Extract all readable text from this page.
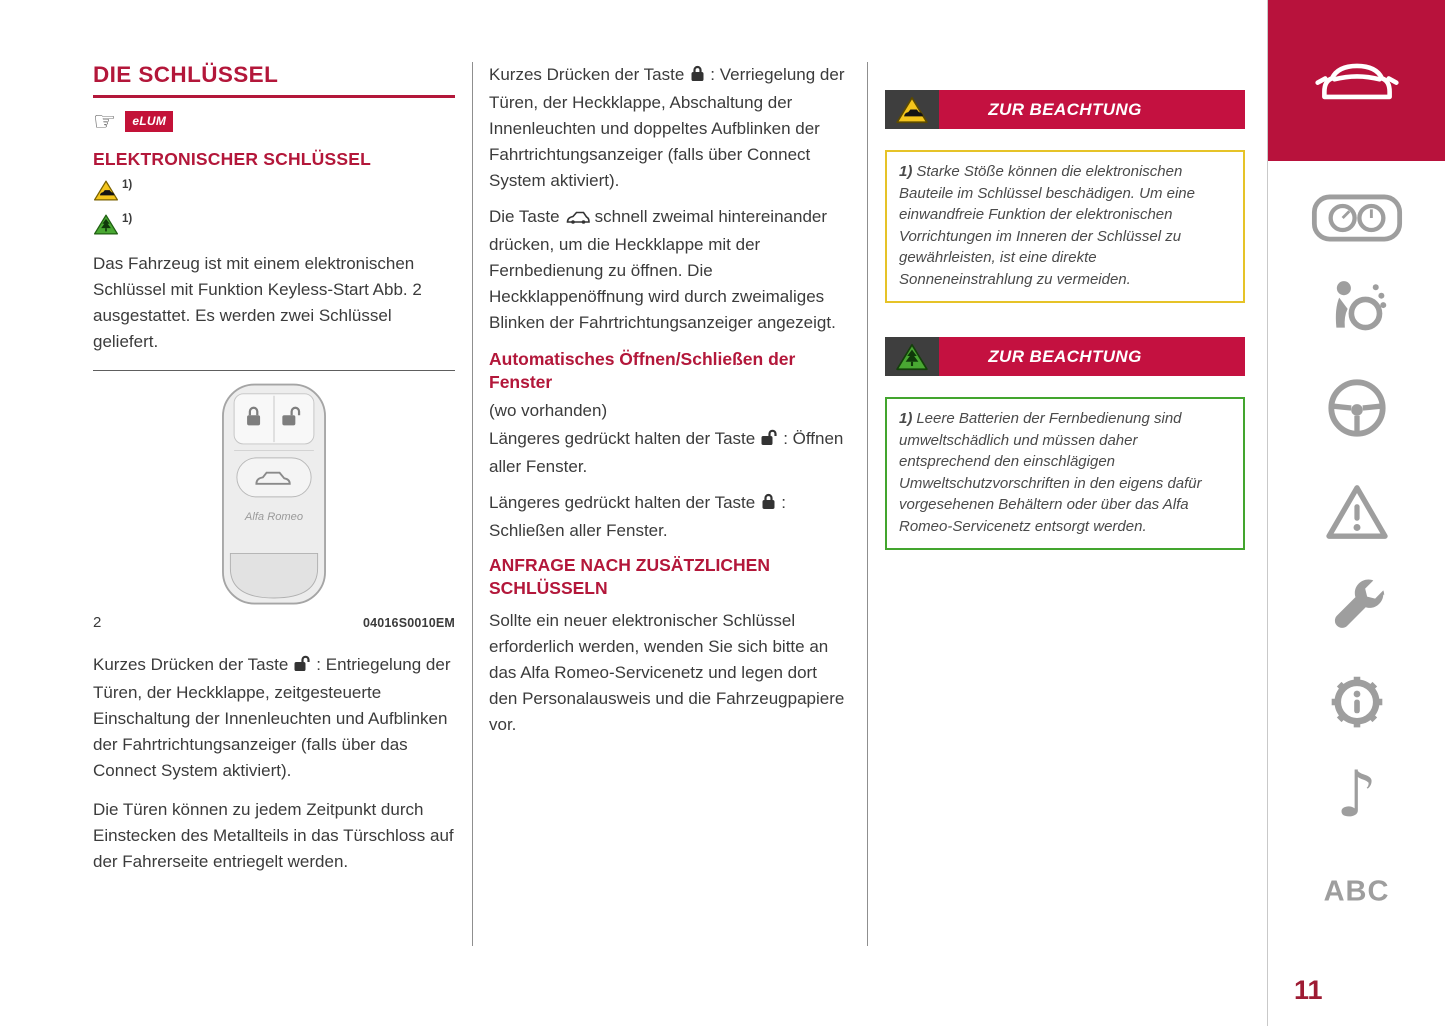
DIE SCHLÜSSEL
☞	eLUM
ELEKTRONISCHER SCHLÜSSEL
1)
1)

Das Fahrzeug ist mit einem elektronischen Schlüssel mit Funktion Keyless-Start Abb. 2 ausgestattet. Es werden zwei Schlüssel geliefert.

Alfa Romeo
2	04016S0010EM

Kurzes Drücken der Taste : Entriegelung der Türen, der Heckklappe, zeitgesteuerte Einschaltung der Innenleuchten und Aufblinken der Fahrtrichtungsanzeiger (falls über das Connect System aktiviert).

Die Türen können zu jedem Zeitpunkt durch Einstecken des Metallteils in das Türschloss auf der Fahrerseite entriegelt werden.

Kurzes Drücken der Taste : Verriegelung der Türen, der Heckklappe, Abschaltung der Innenleuchten und doppeltes Aufblinken der Fahrtrichtungsanzeiger (falls über Connect System aktiviert).

Die Taste schnell zweimal hintereinander drücken, um die Heckklappe mit der Fernbedienung zu öffnen. Die Heckklappenöffnung wird durch zweimaliges Blinken der Fahrtrichtungsanzeiger angezeigt.

Automatisches Öffnen/Schließen der Fenster

(wo vorhanden)

Längeres gedrückt halten der Taste : Öffnen aller Fenster.

Längeres gedrückt halten der Taste : Schließen aller Fenster.

ANFRAGE NACH ZUSÄTZLICHEN SCHLÜSSELN

Sollte ein neuer elektronischer Schlüssel erforderlich werden, wenden Sie sich bitte an das Alfa Romeo-Servicenetz und legen dort den Personalausweis und die Fahrzeugpapiere vor.

ZUR BEACHTUNG
1) Starke Stöße können die elektronischen Bauteile im Schlüssel beschädigen. Um eine einwandfreie Funktion der elektronischen Vorrichtungen im Inneren der Schlüssel zu gewährleisten, ist eine direkte Sonneneinstrahlung zu vermeiden.
ZUR BEACHTUNG
1) Leere Batterien der Fernbedienung sind umweltschädlich und müssen daher entsprechend den einschlägigen Umweltschutzvorschriften in den eigens dafür vorgesehenen Behältern oder über das Alfa Romeo-Servicenetz entsorgt werden.
♪
ABC
11
